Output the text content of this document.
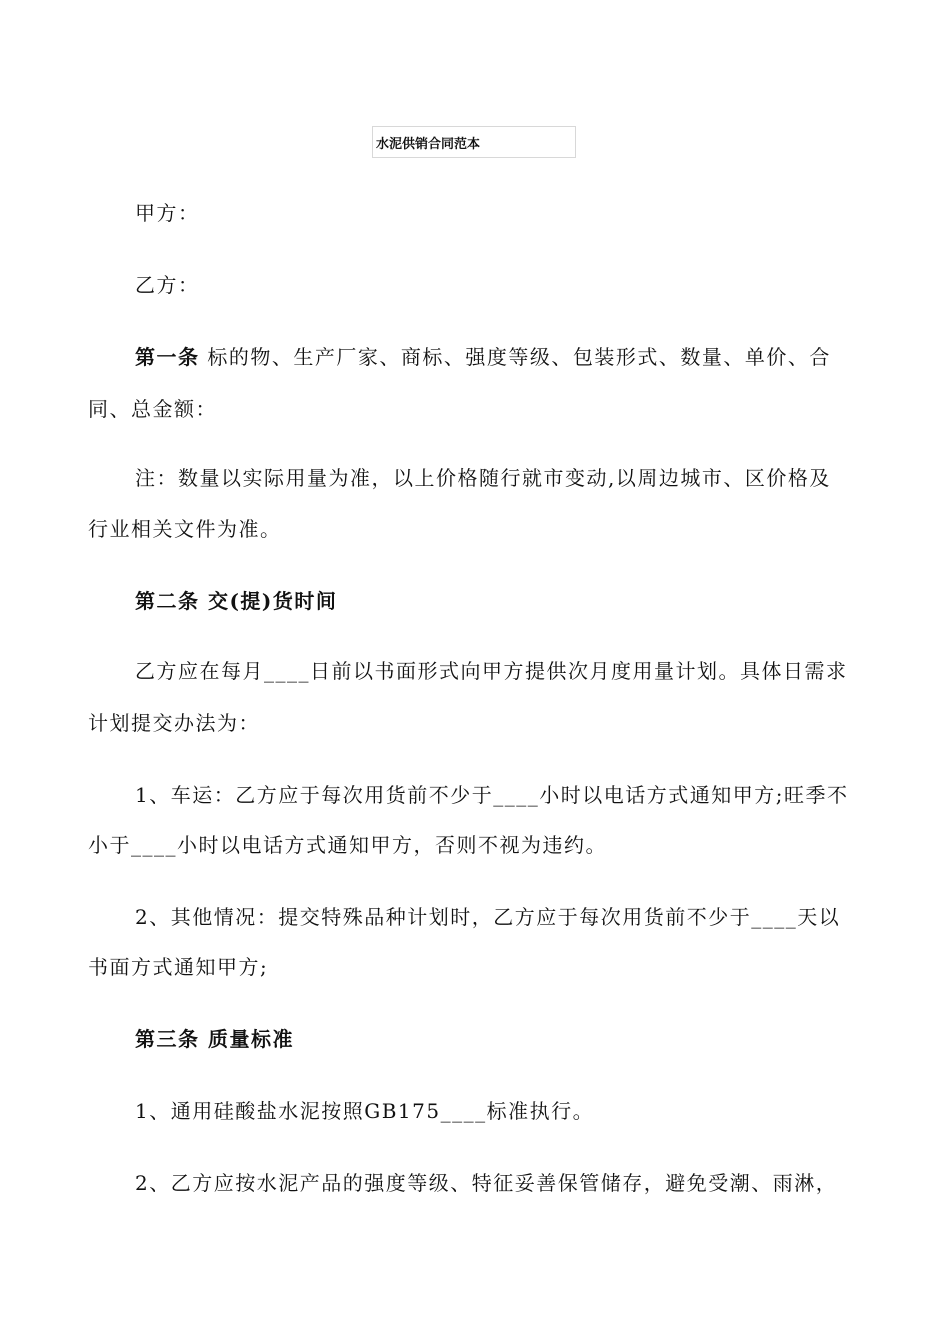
水泥供销合同范本
甲方：
乙方：
第一条 标的物、生产厂家、商标、强度等级、包装形式、数量、单价、合
同、总金额：
注：数量以实际用量为准，以上价格随行就市变动,以周边城市、区价格及
行业相关文件为准。
第二条 交(提)货时间
乙方应在每月____日前以书面形式向甲方提供次月度用量计划。具体日需求
计划提交办法为：
1、车运：乙方应于每次用货前不少于____小时以电话方式通知甲方;旺季不
小于____小时以电话方式通知甲方，否则不视为违约。
2、其他情况：提交特殊品种计划时，乙方应于每次用货前不少于____天以
书面方式通知甲方;
第三条 质量标准
1、通用硅酸盐水泥按照GB175____标准执行。
2、乙方应按水泥产品的强度等级、特征妥善保管储存，避免受潮、雨淋，
